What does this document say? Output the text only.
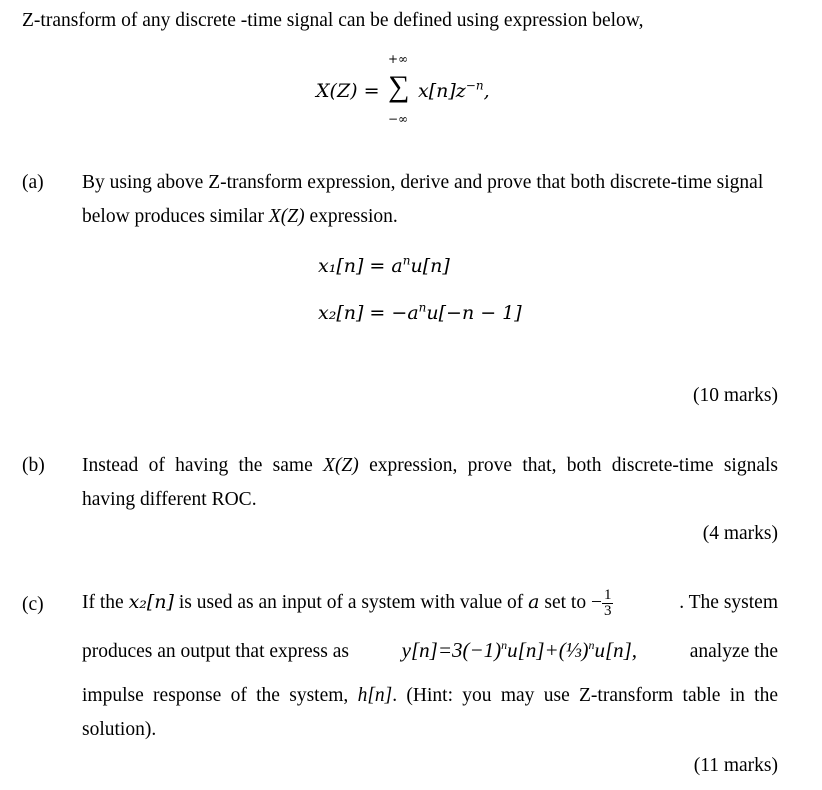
Z-transform of any discrete -time signal can be defined using expression below,
X(Z) =
+∞
∑
−∞
$x[n]z^{-n}$,
(a) By using above Z-transform expression, derive and prove that both discrete-time signal
below produces similar X(Z) expression.
$x_1[n] = a^nu[n]$
$x_2[n] = -a^nu[-n - 1]$
(10 marks)
(b) Instead of having the same X(Z) expression, prove that, both discrete-time signals
having different ROC.
(4 marks)
(c) If the x₂[n] is used as an input of a system with value of a set to − $\frac{1}{3}$	. The system
produces an output that express as	$y[n]=3(-1)^nu[n]+(\frac{1}{3})^nu[n]$,	analyze the
impulse response of the system, h[n]. (Hint: you may use Z-transform table in the
solution).
(11 marks)
